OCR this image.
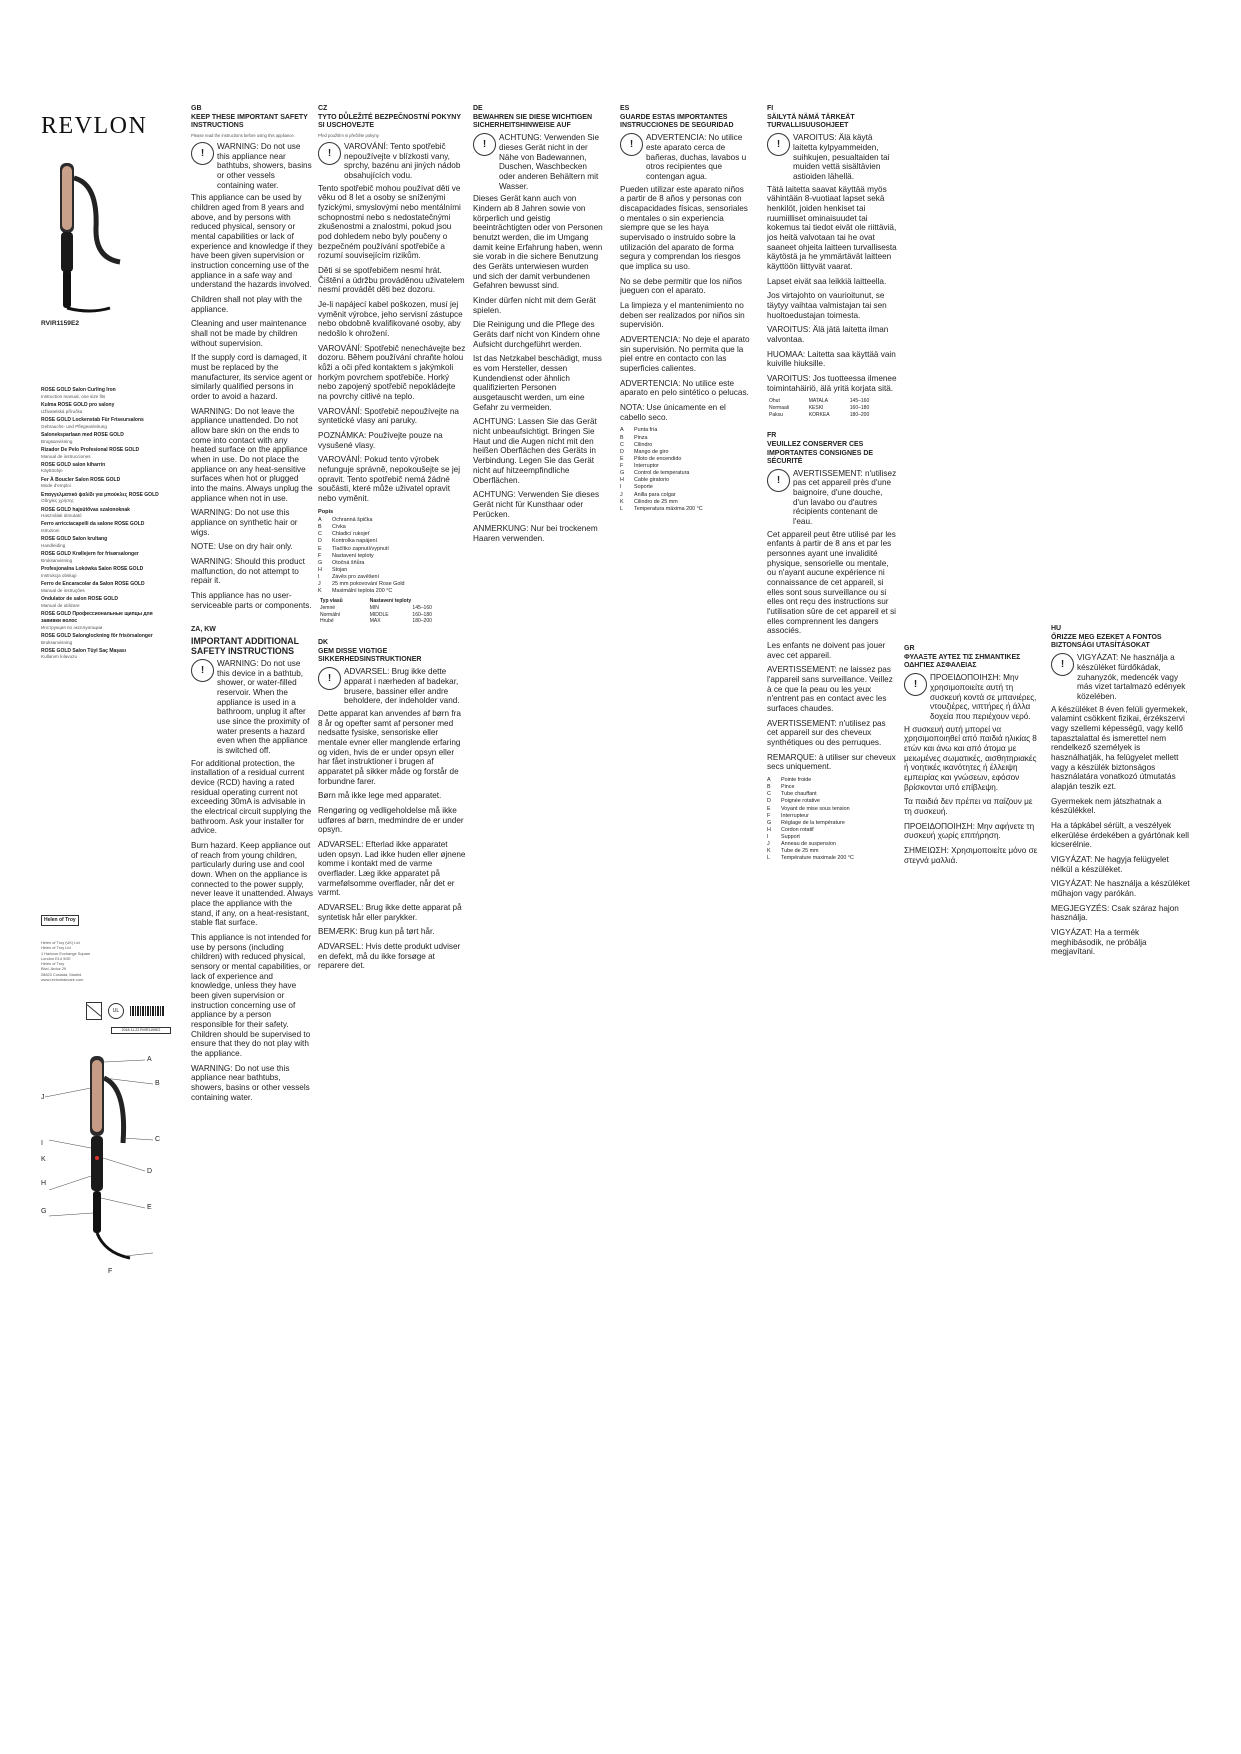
REVLON
RVIR1159E2
ROSE GOLD Salon Curling Iron
Instruction manual, one size fits
Kulma ROSE GOLD pro salony
Uživatelská příručka
ROSE GOLD Lockenstab Für Friseursalons
Gebrauchs- und Pflegeanleitung
Saloneksparlaan med ROSE GOLD
Brugsanvisning
Rizador De Pelo Profesional ROSE GOLD
Manual de instrucciones
ROSE GOLD salon kiharrin
Käyttöohje
Fer À Boucler Salon ROSE GOLD
Mode d'emploi
Επαγγελματικό ψαλίδι για μπούκλες ROSE GOLD
Οδηγίες χρήσης
ROSE GOLD hajsütővas szalonoknak
Használati útmutató
Ferro arricciacapelli da salone ROSE GOLD
Istruzioni
ROSE GOLD Salon krultang
Handleiding
ROSE GOLD Krøllejern for frisørsalonger
Bruksanvisning
Profesjonalna Lokówka Salon ROSE GOLD
Instrukcja obsługi
Ferro de Encaracolar da Salon ROSE GOLD
Manual de instruções
Ondulator de salon ROSE GOLD
Manual de utilizare
ROSE GOLD Профессиональные щипцы для завивки волос
Инструкция по эксплуатации
ROSE GOLD Salonglockning för frisörsalonger
Bruksanvisning
ROSE GOLD Salon Tüyl Saç Maşası
Kullanım kılavuzu
Helen of Troy
Helen of Troy (UK) Ltd
Helen of Troy Ltd
1 Harbour Exchange Square
London E14 9GE
Helen of Troy
Blvd. Ardoz 29
28823 Coslada, Madrid
www.revlonhaircare.com
UL
2018-11-22 RVIR1159E2
A
B
C
D
E
F
G
H
I
J
K
GB
KEEP THESE IMPORTANT SAFETY INSTRUCTIONS

Please read the instructions before using this appliance.

!
WARNING: Do not use this appliance near bathtubs, showers, basins or other vessels containing water.

This appliance can be used by children aged from 8 years and above, and by persons with reduced physical, sensory or mental capabilities or lack of experience and knowledge if they have been given supervision or instruction concerning use of the appliance in a safe way and understand the hazards involved.

Children shall not play with the appliance.

Cleaning and user maintenance shall not be made by children without supervision.

If the supply cord is damaged, it must be replaced by the manufacturer, its service agent or similarly qualified persons in order to avoid a hazard.

WARNING: Do not leave the appliance unattended. Do not allow bare skin on the ends to come into contact with any heated surface on the appliance when in use. Do not place the appliance on any heat-sensitive surfaces when hot or plugged into the mains. Always unplug the appliance when not in use.

WARNING: Do not use this appliance on synthetic hair or wigs.

NOTE: Use on dry hair only.

WARNING: Should this product malfunction, do not attempt to repair it.

This appliance has no user-serviceable parts or components.

ZA, KW
IMPORTANT ADDITIONAL SAFETY INSTRUCTIONS
!
WARNING: Do not use this device in a bathtub, shower, or water-filled reservoir. When the appliance is used in a bathroom, unplug it after use since the proximity of water presents a hazard even when the appliance is switched off.

For additional protection, the installation of a residual current device (RCD) having a rated residual operating current not exceeding 30mA is advisable in the electrical circuit supplying the bathroom. Ask your installer for advice.

Burn hazard. Keep appliance out of reach from young children, particularly during use and cool down. When on the appliance is connected to the power supply, never leave it unattended. Always place the appliance with the stand, if any, on a heat-resistant, stable flat surface.

This appliance is not intended for use by persons (including children) with reduced physical, sensory or mental capabilities, or lack of experience and knowledge, unless they have been given supervision or instruction concerning use of appliance by a person responsible for their safety. Children should be supervised to ensure that they do not play with the appliance.

WARNING: Do not use this appliance near bathtubs, showers, basins or other vessels containing water.

CZ
TYTO DŮLEŽITÉ BEZPEČNOSTNÍ POKYNY SI USCHOVEJTE

Před použitím si přečtěte pokyny.

!
VAROVÁNÍ: Tento spotřebič nepoužívejte v blízkosti vany, sprchy, bazénu ani jiných nádob obsahujících vodu.

Tento spotřebič mohou používat děti ve věku od 8 let a osoby se sníženými fyzickými, smyslovými nebo mentálními schopnostmi nebo s nedostatečnými zkušenostmi a znalostmi, pokud jsou pod dohledem nebo byly poučeny o bezpečném používání spotřebiče a rozumí souvisejícím rizikům.

Děti si se spotřebičem nesmí hrát. Čištění a údržbu prováděnou uživatelem nesmí provádět děti bez dozoru.

Je-li napájecí kabel poškozen, musí jej vyměnit výrobce, jeho servisní zástupce nebo obdobně kvalifikované osoby, aby nedošlo k ohrožení.

VAROVÁNÍ: Spotřebič nenechávejte bez dozoru. Během používání chraňte holou kůži a oči před kontaktem s jakýmkoli horkým povrchem spotřebiče. Horký nebo zapojený spotřebič nepokládejte na povrchy citlivé na teplo.

VAROVÁNÍ: Spotřebič nepoužívejte na syntetické vlasy ani paruky.

POZNÁMKA: Používejte pouze na vysušené vlasy.

VAROVÁNÍ: Pokud tento výrobek nefunguje správně, nepokoušejte se jej opravit. Tento spotřebič nemá žádné součásti, které může uživatel opravit nebo vyměnit.

Popis
A	Ochranná špička
B	Cívka
C	Chladicí rukojeť
D	Kontrolka napájení
E	Tlačítko zapnutí/vypnutí
F	Nastavení teploty
G	Otočná šňůra
H	Stojan
I	Závěs pro zavěšení
J	25 mm pokovování Rose Gold
K	Maximální teplota 200 °C
Typ vlasů	Nastavení teploty	
Jemné	MIN	145–160
Normální	MIDDLE	160–180
Hrubé	MAX	180–200
DK
GEM DISSE VIGTIGE SIKKERHEDSINSTRUKTIONER
!
ADVARSEL: Brug ikke dette apparat i nærheden af badekar, brusere, bassiner eller andre beholdere, der indeholder vand.

Dette apparat kan anvendes af børn fra 8 år og opefter samt af personer med nedsatte fysiske, sensoriske eller mentale evner eller manglende erfaring og viden, hvis de er under opsyn eller har fået instruktioner i brugen af apparatet på sikker måde og forstår de forbundne farer.

Børn må ikke lege med apparatet.

Rengøring og vedligeholdelse må ikke udføres af børn, medmindre de er under opsyn.

ADVARSEL: Efterlad ikke apparatet uden opsyn. Lad ikke huden eller øjnene komme i kontakt med de varme overflader. Læg ikke apparatet på varmefølsomme overflader, når det er varmt.

ADVARSEL: Brug ikke dette apparat på syntetisk hår eller parykker.

BEMÆRK: Brug kun på tørt hår.

ADVARSEL: Hvis dette produkt udviser en defekt, må du ikke forsøge at reparere det.

DE
BEWAHREN SIE DIESE WICHTIGEN SICHERHEITSHINWEISE AUF
!
ACHTUNG: Verwenden Sie dieses Gerät nicht in der Nähe von Badewannen, Duschen, Waschbecken oder anderen Behältern mit Wasser.

Dieses Gerät kann auch von Kindern ab 8 Jahren sowie von körperlich und geistig beeinträchtigten oder von Personen benutzt werden, die im Umgang damit keine Erfahrung haben, wenn sie vorab in die sichere Benutzung des Geräts unterwiesen wurden und sich der damit verbundenen Gefahren bewusst sind.

Kinder dürfen nicht mit dem Gerät spielen.

Die Reinigung und die Pflege des Geräts darf nicht von Kindern ohne Aufsicht durchgeführt werden.

Ist das Netzkabel beschädigt, muss es vom Hersteller, dessen Kundendienst oder ähnlich qualifizierten Personen ausgetauscht werden, um eine Gefahr zu vermeiden.

ACHTUNG: Lassen Sie das Gerät nicht unbeaufsichtigt. Bringen Sie Haut und die Augen nicht mit den heißen Oberflächen des Geräts in Verbindung. Legen Sie das Gerät nicht auf hitzeempfindliche Oberflächen.

ACHTUNG: Verwenden Sie dieses Gerät nicht für Kunsthaar oder Perücken.

ANMERKUNG: Nur bei trockenem Haaren verwenden.

ES
GUARDE ESTAS IMPORTANTES INSTRUCCIONES DE SEGURIDAD
!
ADVERTENCIA: No utilice este aparato cerca de bañeras, duchas, lavabos u otros recipientes que contengan agua.

Pueden utilizar este aparato niños a partir de 8 años y personas con discapacidades físicas, sensoriales o mentales o sin experiencia siempre que se les haya supervisado o instruido sobre la utilización del aparato de forma segura y comprendan los riesgos que implica su uso.

No se debe permitir que los niños jueguen con el aparato.

La limpieza y el mantenimiento no deben ser realizados por niños sin supervisión.

ADVERTENCIA: No deje el aparato sin supervisión. No permita que la piel entre en contacto con las superficies calientes.

ADVERTENCIA: No utilice este aparato en pelo sintético o pelucas.

NOTA: Use únicamente en el cabello seco.

A	Punta fría
B	Pinza
C	Cilindro
D	Mango de giro
E	Piloto de encendido
F	Interruptor
G	Control de temperatura
H	Cable giratorio
I	Soporte
J	Anilla para colgar
K	Cilindro de 25 mm
L	Temperatura máxima 200 °C
FI
SÄILYTÄ NÄMÄ TÄRKEÄT TURVALLISUUSOHJEET
!
VAROITUS: Älä käytä laitetta kylpyammeiden, suihkujen, pesualtaiden tai muiden vettä sisältävien astioiden lähellä.

Tätä laitetta saavat käyttää myös vähintään 8-vuotiaat lapset sekä henkilöt, joiden henkiset tai ruumiilliset ominaisuudet tai kokemus tai tiedot eivät ole riittäviä, jos heitä valvotaan tai he ovat saaneet ohjeita laitteen turvallisesta käytöstä ja he ymmärtävät laitteen käyttöön liittyvät vaarat.

Lapset eivät saa leikkiä laitteella.

Jos virtajohto on vaurioitunut, se täytyy vaihtaa valmistajan tai sen huoltoedustajan toimesta.

VAROITUS: Älä jätä laitetta ilman valvontaa.

HUOMAA: Laitetta saa käyttää vain kuiville hiuksille.

VAROITUS: Jos tuotteessa ilmenee toimintahäiriö, älä yritä korjata sitä.

Ohut	MATALA	145–160
Normaali	KESKI	160–180
Paksu	KORKEA	180–200
FR
VEUILLEZ CONSERVER CES IMPORTANTES CONSIGNES DE SÉCURITÉ
!
AVERTISSEMENT: n'utilisez pas cet appareil près d'une baignoire, d'une douche, d'un lavabo ou d'autres récipients contenant de l'eau.

Cet appareil peut être utilisé par les enfants à partir de 8 ans et par les personnes ayant une invalidité physique, sensorielle ou mentale, ou n'ayant aucune expérience ni connaissance de cet appareil, si elles sont sous surveillance ou si elles ont reçu des instructions sur l'utilisation sûre de cet appareil et si elles comprennent les dangers associés.

Les enfants ne doivent pas jouer avec cet appareil.

AVERTISSEMENT: ne laissez pas l'appareil sans surveillance. Veillez à ce que la peau ou les yeux n'entrent pas en contact avec les surfaces chaudes.

AVERTISSEMENT: n'utilisez pas cet appareil sur des cheveux synthétiques ou des perruques.

REMARQUE: à utiliser sur cheveux secs uniquement.

A	Pointe froide
B	Pince
C	Tube chauffant
D	Poignée rotative
E	Voyant de mise sous tension
F	Interrupteur
G	Réglage de la température
H	Cordon rotatif
I	Support
J	Anneau de suspension
K	Tube de 25 mm
L	Température maximale 200 °C
GR
ΦΥΛΑΞΤΕ ΑΥΤΕΣ ΤΙΣ ΣΗΜΑΝΤΙΚΕΣ ΟΔΗΓΙΕΣ ΑΣΦΑΛΕΙΑΣ
!
ΠΡΟΕΙΔΟΠΟΙΗΣΗ: Μην χρησιμοποιείτε αυτή τη συσκευή κοντά σε μπανιέρες, ντουζιέρες, νιπτήρες ή άλλα δοχεία που περιέχουν νερό.

Η συσκευή αυτή μπορεί να χρησιμοποιηθεί από παιδιά ηλικίας 8 ετών και άνω και από άτομα με μειωμένες σωματικές, αισθητηριακές ή νοητικές ικανότητες ή έλλειψη εμπειρίας και γνώσεων, εφόσον βρίσκονται υπό επίβλεψη.

Τα παιδιά δεν πρέπει να παίζουν με τη συσκευή.

ΠΡΟΕΙΔΟΠΟΙΗΣΗ: Μην αφήνετε τη συσκευή χωρίς επιτήρηση.

ΣΗΜΕΙΩΣΗ: Χρησιμοποιείτε μόνο σε στεγνά μαλλιά.

HU
ŐRIZZE MEG EZEKET A FONTOS BIZTONSÁGI UTASÍTÁSOKAT
!
VIGYÁZAT: Ne használja a készüléket fürdőkádak, zuhanyzók, medencék vagy más vizet tartalmazó edények közelében.

A készüléket 8 éven felüli gyermekek, valamint csökkent fizikai, érzékszervi vagy szellemi képességű, vagy kellő tapasztalattal és ismerettel nem rendelkező személyek is használhatják, ha felügyelet mellett vagy a készülék biztonságos használatára vonatkozó útmutatás alapján teszik ezt.

Gyermekek nem játszhatnak a készülékkel.

Ha a tápkábel sérült, a veszélyek elkerülése érdekében a gyártónak kell kicserélnie.

VIGYÁZAT: Ne hagyja felügyelet nélkül a készüléket.

VIGYÁZAT: Ne használja a készüléket műhajon vagy parókán.

MEGJEGYZÉS: Csak száraz hajon használja.

VIGYÁZAT: Ha a termék meghibásodik, ne próbálja megjavítani.
